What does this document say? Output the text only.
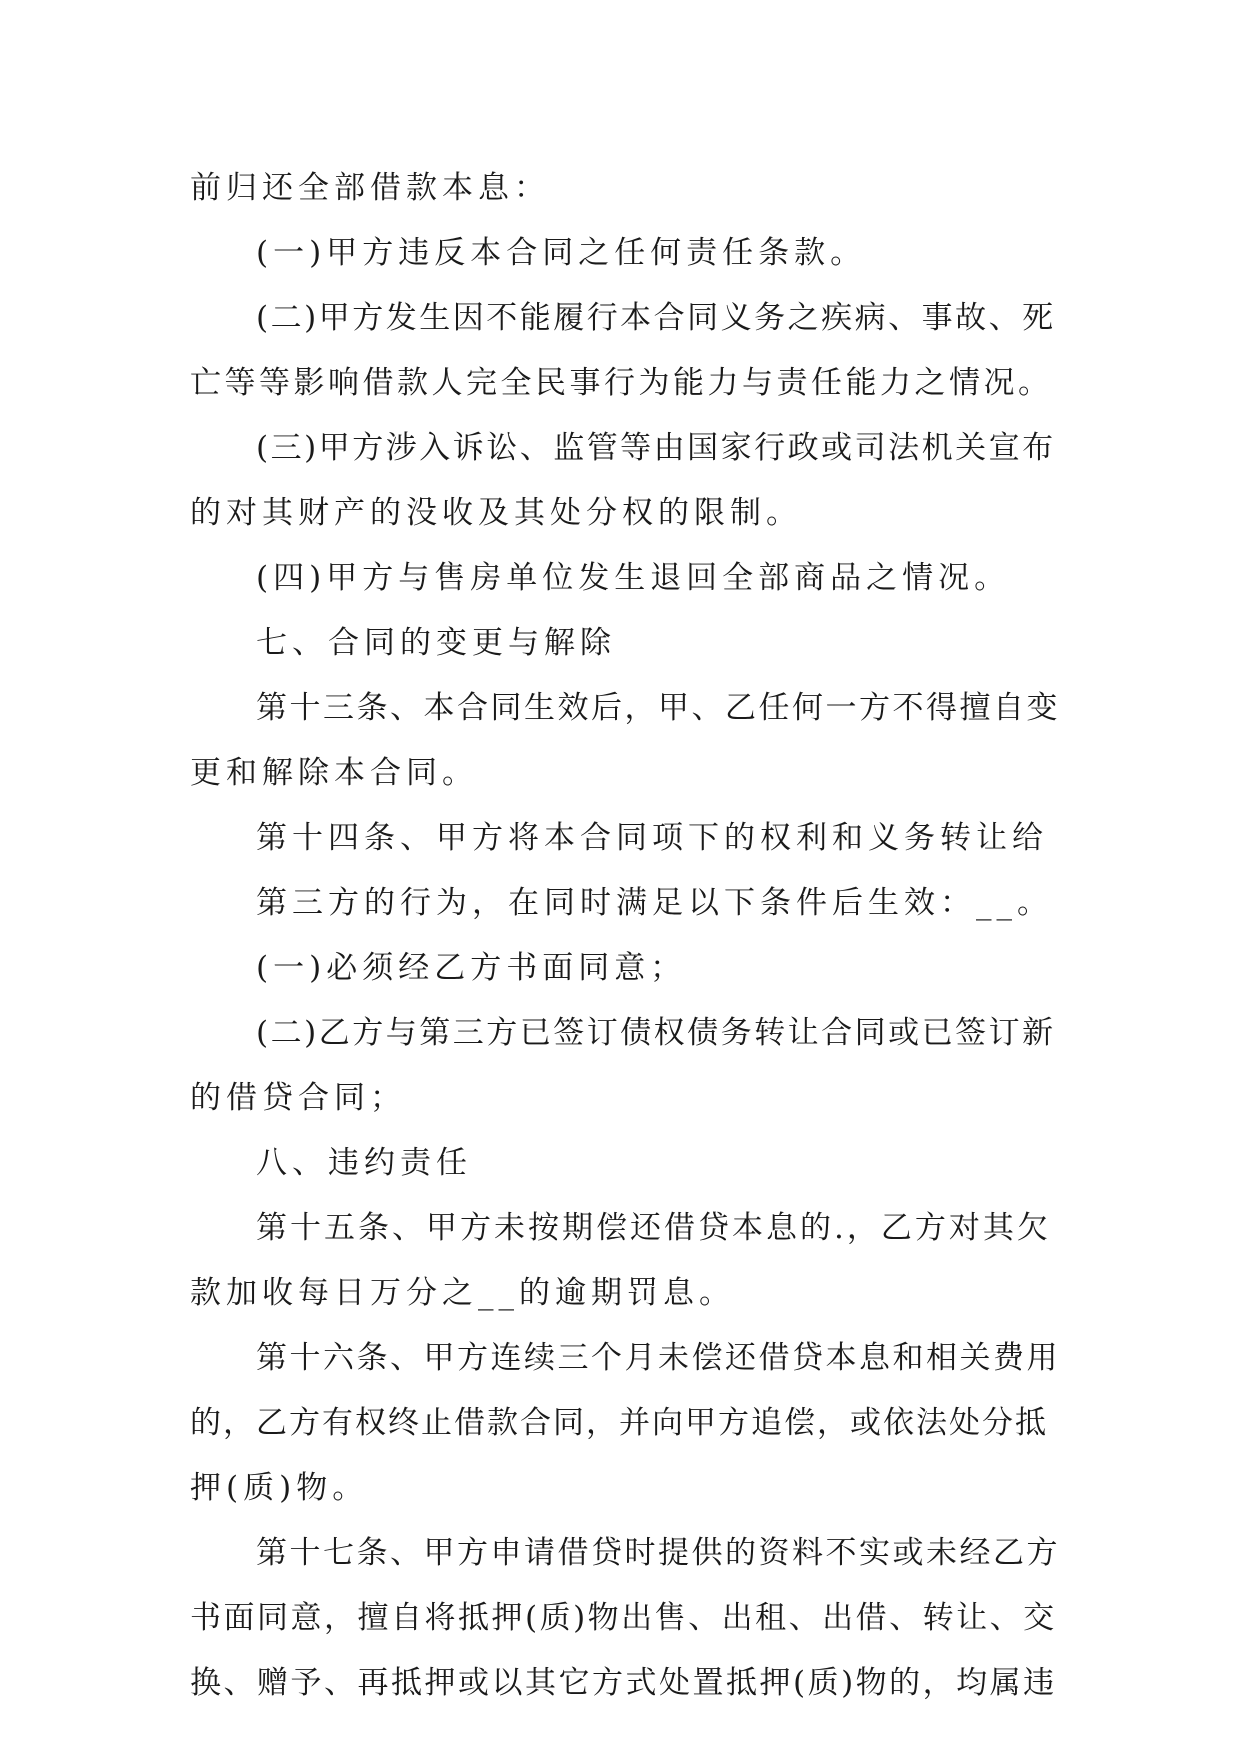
前归还全部借款本息：
(一)甲方违反本合同之任何责任条款。
(二)甲方发生因不能履行本合同义务之疾病、事故、死
亡等等影响借款人完全民事行为能力与责任能力之情况。
(三)甲方涉入诉讼、监管等由国家行政或司法机关宣布
的对其财产的没收及其处分权的限制。
(四)甲方与售房单位发生退回全部商品之情况。
七、合同的变更与解除
第十三条、本合同生效后，甲、乙任何一方不得擅自变
更和解除本合同。
第十四条、甲方将本合同项下的权利和义务转让给
第三方的行为，在同时满足以下条件后生效：__。
(一)必须经乙方书面同意；
(二)乙方与第三方已签订债权债务转让合同或已签订新
的借贷合同；
八、违约责任
第十五条、甲方未按期偿还借贷本息的.，乙方对其欠
款加收每日万分之__的逾期罚息。
第十六条、甲方连续三个月未偿还借贷本息和相关费用
的，乙方有权终止借款合同，并向甲方追偿，或依法处分抵
押(质)物。
第十七条、甲方申请借贷时提供的资料不实或未经乙方
书面同意，擅自将抵押(质)物出售、出租、出借、转让、交
换、赠予、再抵押或以其它方式处置抵押(质)物的，均属违
